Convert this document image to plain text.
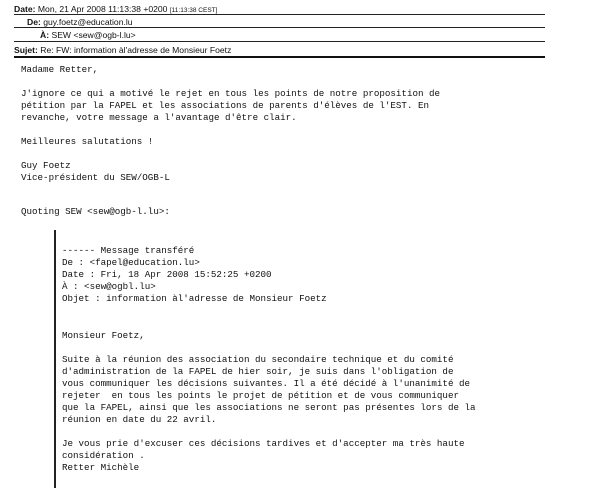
Date: Mon, 21 Apr 2008 11:13:38 +0200 [11:13:38 CEST]
De: guy.foetz@education.lu
À: SEW <sew@ogb-l.lu>
Sujet: Re: FW: information àl'adresse de Monsieur Foetz
Madame Retter,

J'ignore ce qui a motivé le rejet en tous les points de notre proposition de
pétition par la FAPEL et les associations de parents d'élèves de l'EST. En
revanche, votre message a l'avantage d'être clair.

Meilleures salutations !

Guy Foetz
Vice-président du SEW/OGB-L
Quoting SEW <sew@ogb-l.lu>:
------ Message transféré
De : <fapel@education.lu>
Date : Fri, 18 Apr 2008 15:52:25 +0200
À : <sew@ogbl.lu>
Objet : information àl'adresse de Monsieur Foetz
Monsieur Foetz,

Suite à la réunion des association du secondaire technique et du comité
d'administration de la FAPEL de hier soir, je suis dans l'obligation de
vous communiquer les décisions suivantes. Il a été décidé à l'unanimité de
rejeter  en tous les points le projet de pétition et de vous communiquer
que la FAPEL, ainsi que les associations ne seront pas présentes lors de la
réunion en date du 22 avril.

Je vous prie d'excuser ces décisions tardives et d'accepter ma très haute
considération .
Retter Michèle
